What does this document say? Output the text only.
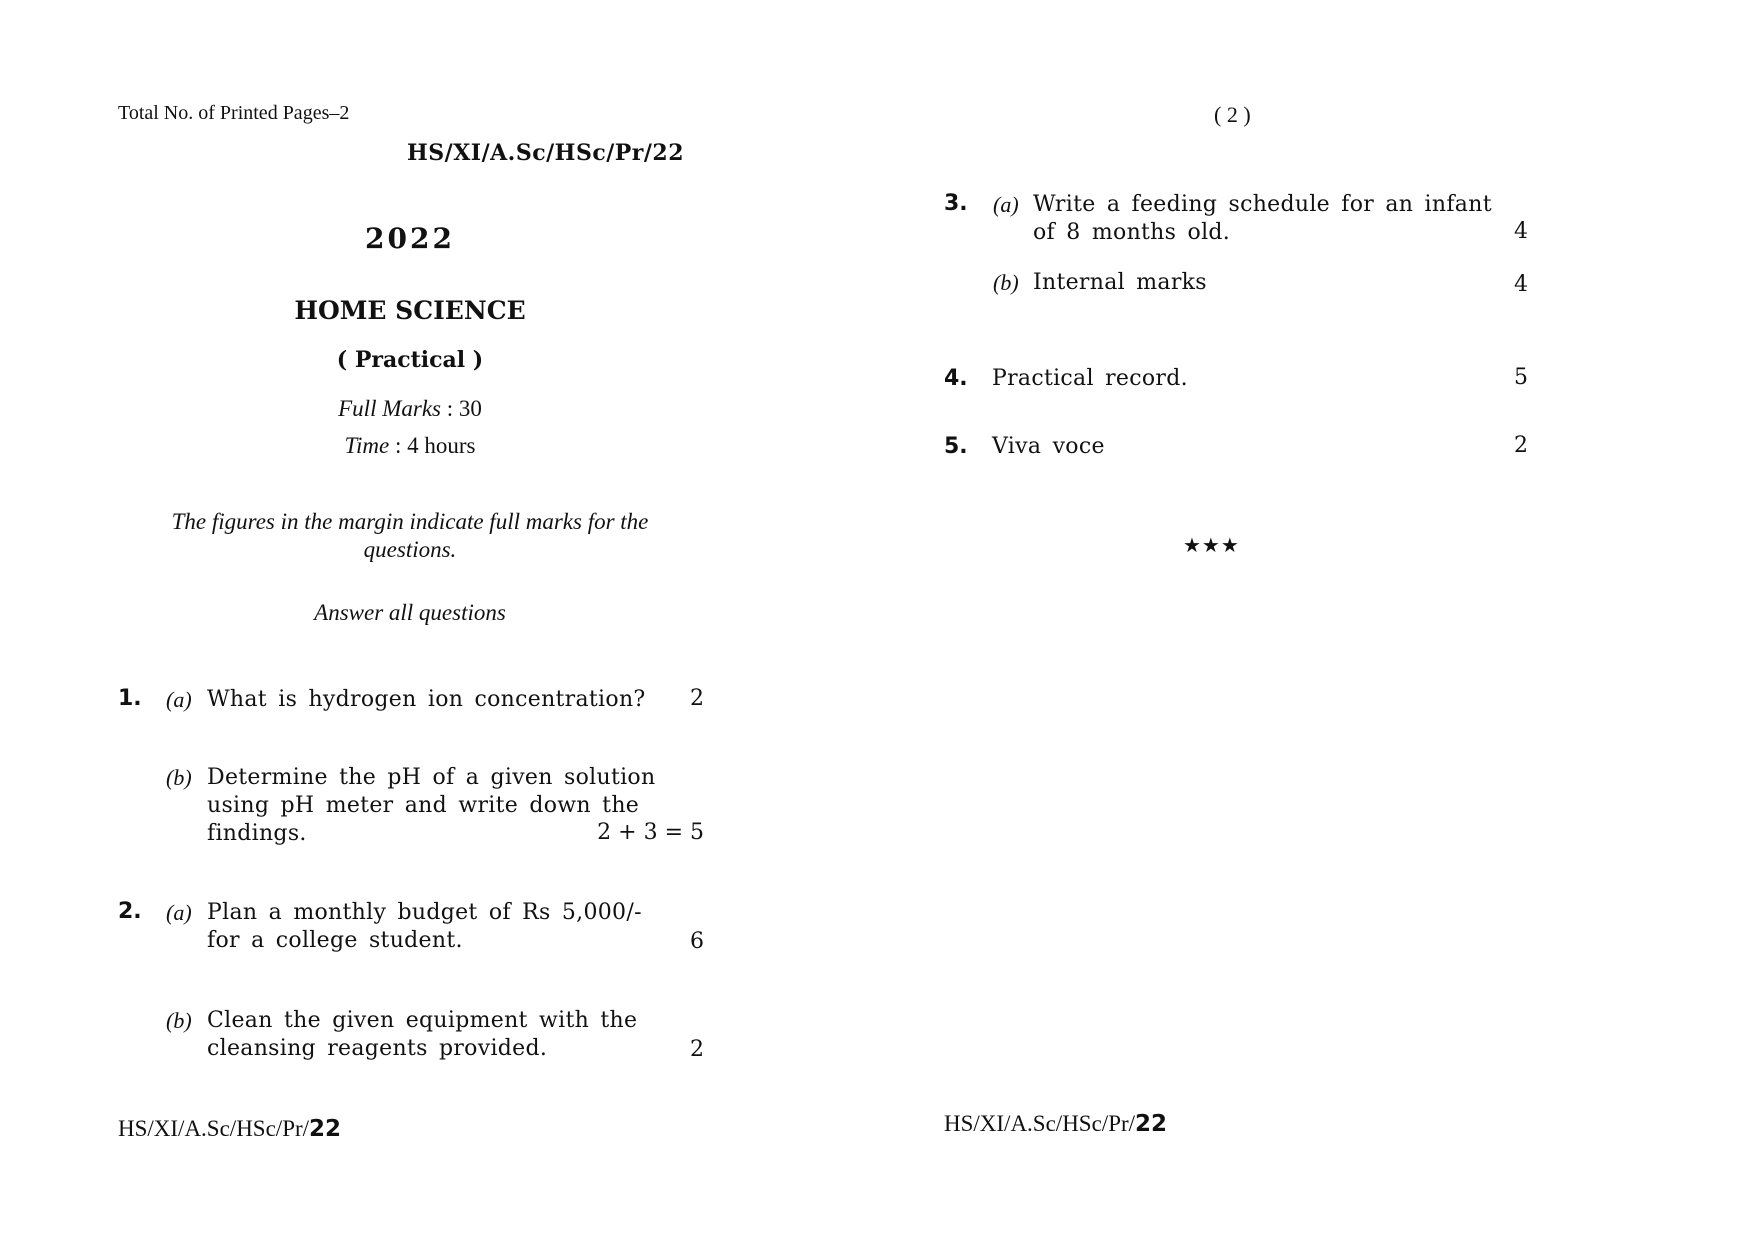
Total No. of Printed Pages–2
HS/XI/A.Sc/HSc/Pr/22
2022
HOME SCIENCE
( Practical )
Full Marks : 30
Time : 4 hours
The figures in the margin indicate full marks for the
questions.
Answer all questions
1. (a) What is hydrogen ion concentration?	2
(b) Determine the pH of a given solution
using pH meter and write down the
findings.	2 + 3 = 5
2. (a) Plan a monthly budget of Rs 5,000/-
for a college student.	6
(b) Clean the given equipment with the
cleansing reagents provided.	2
HS/XI/A.Sc/HSc/Pr/22
( 2 )
3. (a) Write a feeding schedule for an infant
of 8 months old.	4
(b) Internal marks	4
4. Practical record.	5
5. Viva voce	2
★★★
HS/XI/A.Sc/HSc/Pr/22
